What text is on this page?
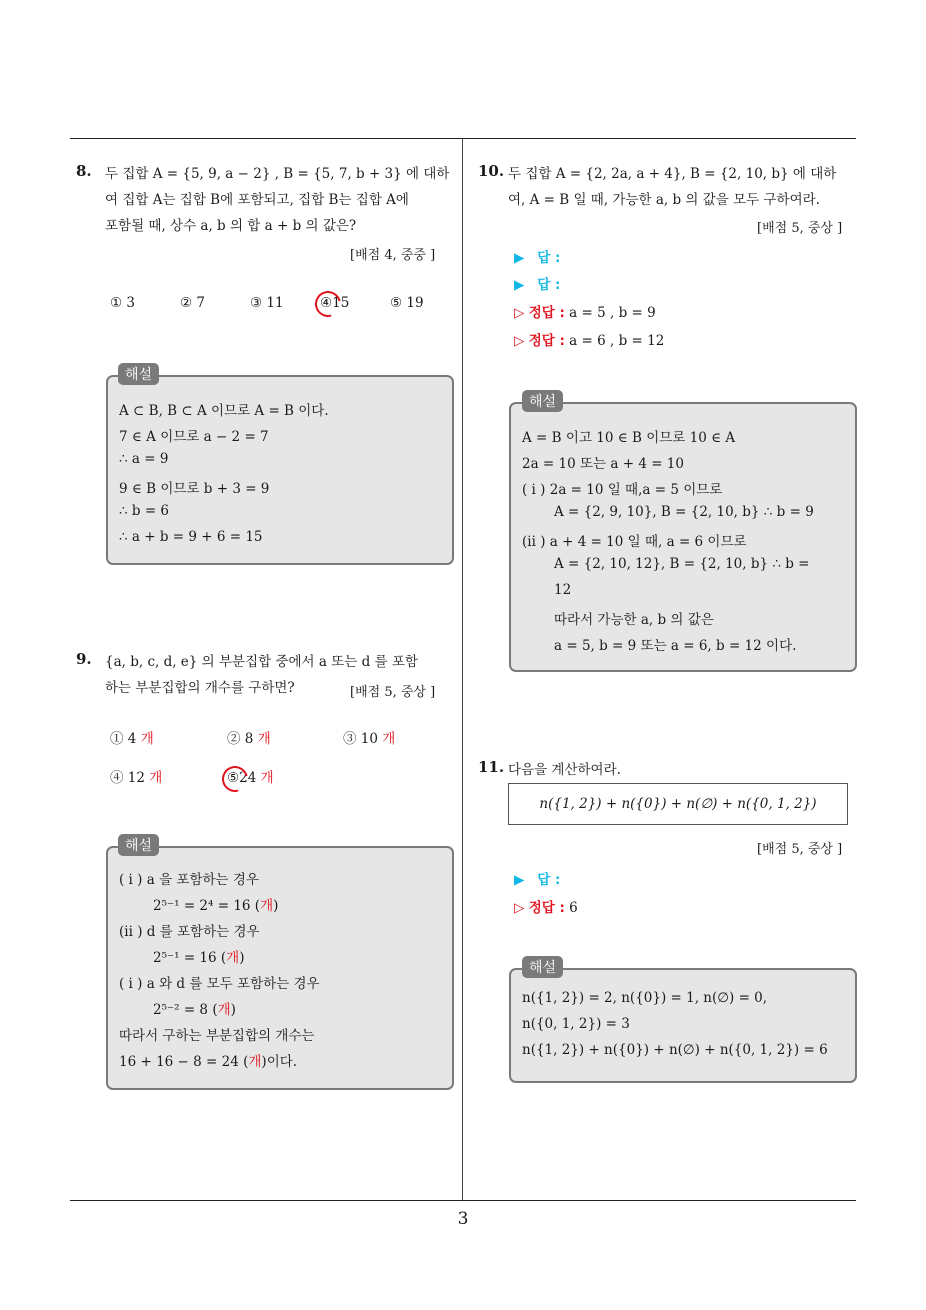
8. 두 집합 A = {5, 9, a − 2} , B = {5, 7, b + 3} 에 대하
여 집합 A는 집합 B에 포함되고, 집합 B는 집합 A에
포함될 때, 상수 a, b 의 합 a + b 의 값은?
[배점 4, 중중 ]
① 3	② 7	③ 11	④15	⑤ 19
A ⊂ B, B ⊂ A 이므로 A = B 이다.
7 ∈ A 이므로 a − 2 = 7
∴ a = 9
9 ∈ B 이므로 b + 3 = 9
∴ b = 6
∴ a + b = 9 + 6 = 15
해설
9. {a, b, c, d, e} 의 부분집합 중에서 a 또는 d 를 포함
하는 부분집합의 개수를 구하면?	[배점 5, 중상 ]
① 4 개	② 8 개	③ 10 개
④ 12 개	⑤24 개
( i ) a 을 포함하는 경우
2⁵⁻¹ = 2⁴ = 16 (개)
(ii ) d 를 포함하는 경우
2⁵⁻¹ = 16 (개)
( i ) a 와 d 를 모두 포함하는 경우
2⁵⁻² = 8 (개)
따라서 구하는 부분집합의 개수는
16 + 16 − 8 = 24 (개)이다.
해설
10. 두 집합 A = {2, 2a, a + 4}, B = {2, 10, b} 에 대하
여, A = B 일 때, 가능한 a, b 의 값을 모두 구하여라.
[배점 5, 중상 ]
▶ 답 :
▶ 답 :
▷ 정답 : a = 5 , b = 9
▷ 정답 : a = 6 , b = 12
A = B 이고 10 ∈ B 이므로 10 ∈ A
2a = 10 또는 a + 4 = 10
( i ) 2a = 10 일 때,a = 5 이므로
A = {2, 9, 10}, B = {2, 10, b} ∴ b = 9
(ii ) a + 4 = 10 일 때, a = 6 이므로
A = {2, 10, 12}, B = {2, 10, b} ∴ b =
12
따라서 가능한 a, b 의 값은
a = 5, b = 9 또는 a = 6, b = 12 이다.
해설
11. 다음을 계산하여라.
n({1, 2}) + n({0}) + n(∅) + n({0, 1, 2})
[배점 5, 중상 ]
▶ 답 :
▷ 정답 : 6
n({1, 2}) = 2, n({0}) = 1, n(∅) = 0,
n({0, 1, 2}) = 3
n({1, 2}) + n({0}) + n(∅) + n({0, 1, 2}) = 6
해설
3
